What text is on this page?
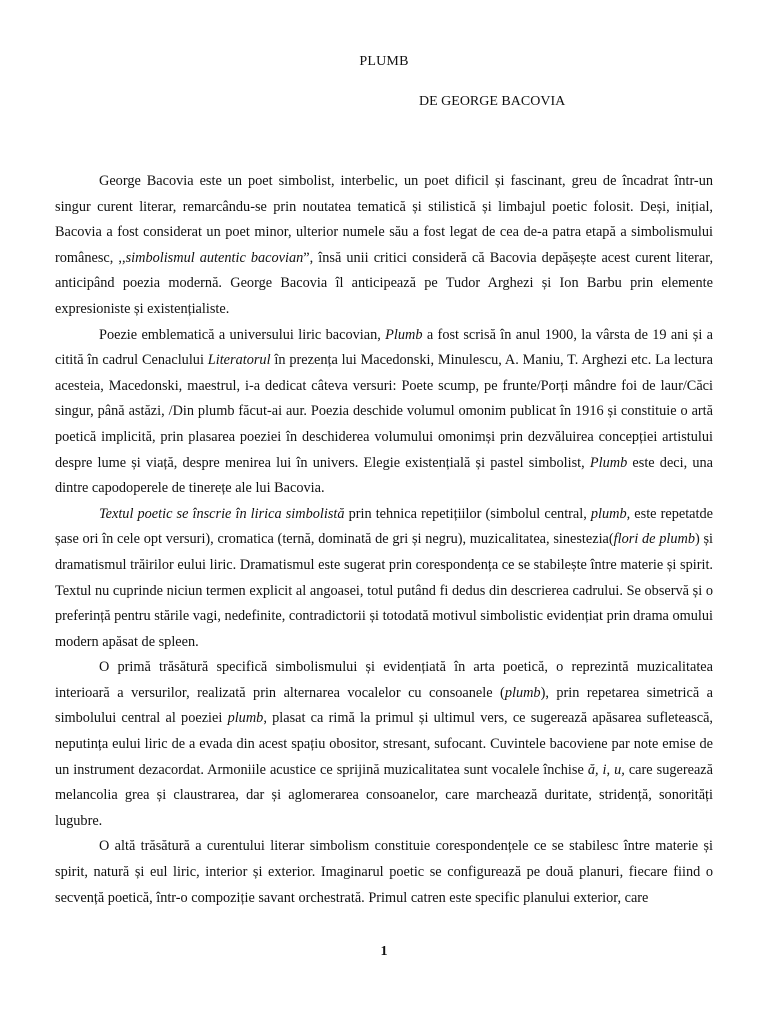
PLUMB
DE GEORGE BACOVIA

George Bacovia este un poet simbolist, interbelic, un poet dificil și fascinant, greu de încadrat într-un singur curent literar, remarcându-se prin noutatea tematică și stilistică și limbajul poetic folosit. Deși, inițial, Bacovia a fost considerat un poet minor, ulterior numele său a fost legat de cea de-a patra etapă a simbolismului românesc, ,,simbolismul autentic bacovian”, însă unii critici consideră că Bacovia depășește acest curent literar, anticipând poezia modernă. George Bacovia îl anticipează pe Tudor Arghezi și Ion Barbu prin elemente expresioniste și existențialiste.

Poezie emblematică a universului liric bacovian, Plumb a fost scrisă în anul 1900, la vârsta de 19 ani și a citită în cadrul Cenaclului Literatorul în prezența lui Macedonski, Minulescu, A. Maniu, T. Arghezi etc. La lectura acesteia, Macedonski, maestrul, i-a dedicat câteva versuri: Poete scump, pe frunte/Porți mândre foi de laur/Căci singur, până astăzi, /Din plumb făcut-ai aur. Poezia deschide volumul omonim publicat în 1916 și constituie o artă poetică implicită, prin plasarea poeziei în deschiderea volumului omonimși prin dezvăluirea concepției artistului despre lume și viață, despre menirea lui în univers. Elegie existențială și pastel simbolist, Plumb este deci, una dintre capodoperele de tinerețe ale lui Bacovia.

Textul poetic se înscrie în lirica simbolistă prin tehnica repetițiilor (simbolul central, plumb, este repetatde șase ori în cele opt versuri), cromatica (ternă, dominată de gri și negru), muzicalitatea, sinestezia(flori de plumb) și dramatismul trăirilor eului liric. Dramatismul este sugerat prin corespondența ce se stabilește între materie și spirit. Textul nu cuprinde niciun termen explicit al angoasei, totul putând fi dedus din descrierea cadrului. Se observă și o preferință pentru stările vagi, nedefinite, contradictorii și totodată motivul simbolistic evidențiat prin drama omului modern apăsat de spleen.

O primă trăsătură specifică simbolismului și evidențiată în arta poetică, o reprezintă muzicalitatea interioară a versurilor, realizată prin alternarea vocalelor cu consoanele (plumb), prin repetarea simetrică a simbolului central al poeziei plumb, plasat ca rimă la primul și ultimul vers, ce sugerează apăsarea sufletească, neputința eului liric de a evada din acest spațiu obositor, stresant, sufocant. Cuvintele bacoviene par note emise de un instrument dezacordat. Armoniile acustice ce sprijină muzicalitatea sunt vocalele închise ă, i, u, care sugerează melancolia grea și claustrarea, dar și aglomerarea consoanelor, care marchează duritate, stridență, sonorități lugubre.

O altă trăsătură a curentului literar simbolism constituie corespondențele ce se stabilesc între materie și spirit, natură și eul liric, interior și exterior. Imaginarul poetic se configurează pe două planuri, fiecare fiind o secvență poetică, într-o compoziție savant orchestrată. Primul catren este specific planului exterior, care

1
